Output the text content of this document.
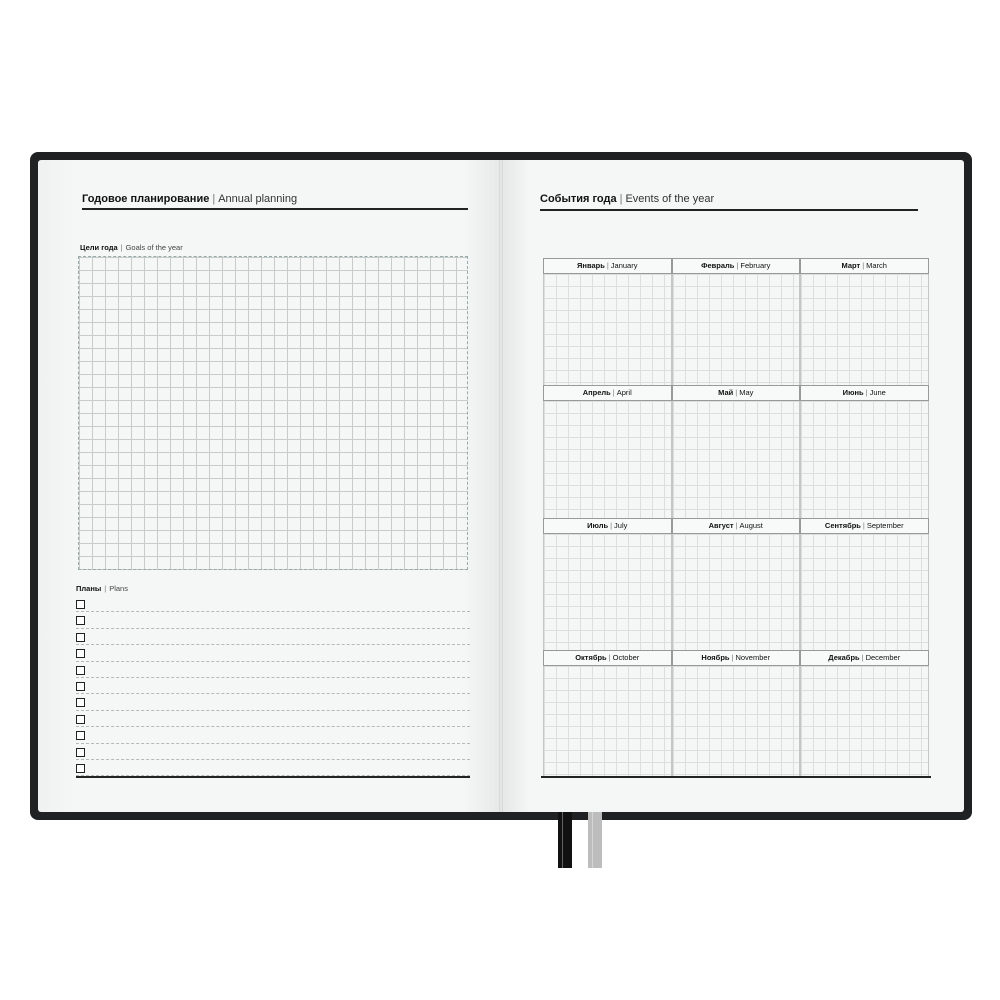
Годовое планирование | Annual planning
Цели года | Goals of the year
Планы | Plans
События года | Events of the year
Январь | January	Февраль | February	Март | March
Апрель | April	Май | May	Июнь | June
Июль | July	Август | August	Сентябрь | September
Октябрь | October	Ноябрь | November	Декабрь | December
